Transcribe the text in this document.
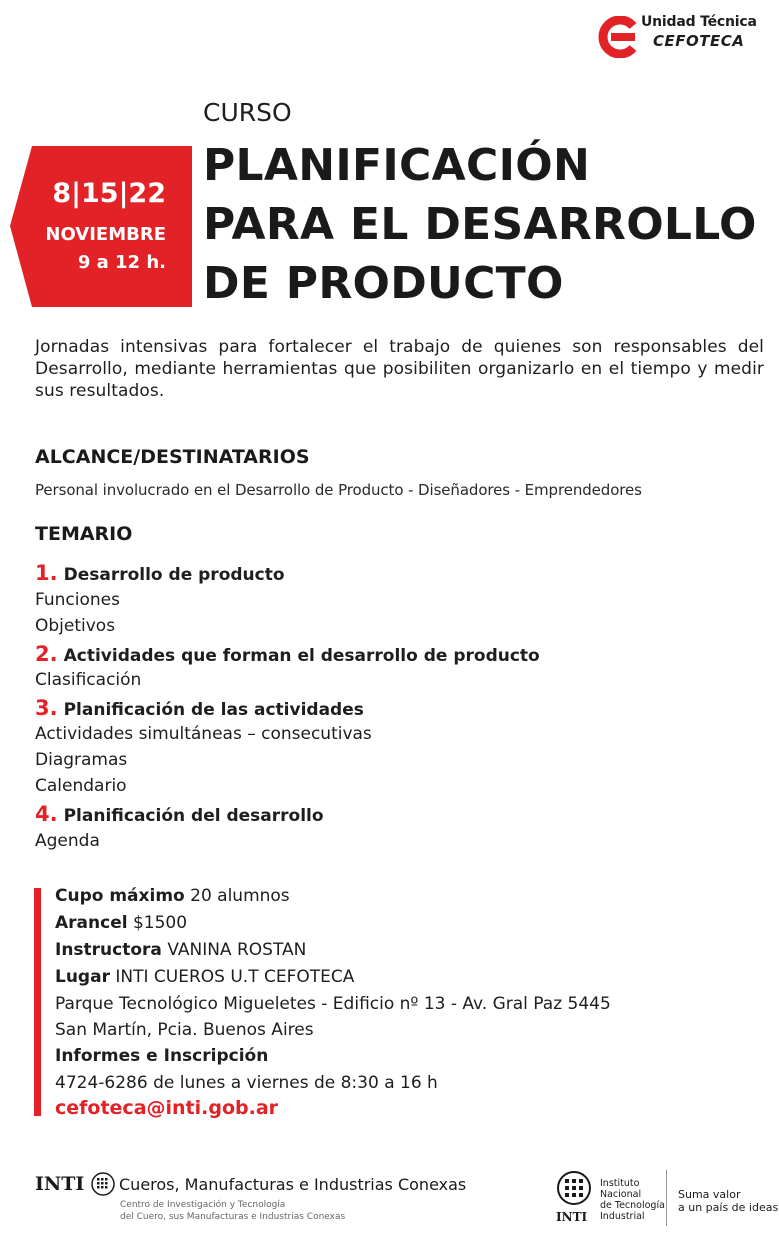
Unidad Técnica
CEFOTECA
8|15|22
NOVIEMBRE
9 a 12 h.
CURSO
PLANIFICACIÓN
PARA EL DESARROLLO
DE PRODUCTO
Jornadas intensivas para fortalecer el trabajo de quienes son responsables del Desarrollo, mediante herramientas que posibiliten organizarlo en el tiempo y medir sus resultados.
ALCANCE/DESTINATARIOS
Personal involucrado en el Desarrollo de Producto - Diseñadores - Emprendedores
TEMARIO
1. Desarrollo de producto
Funciones
Objetivos
2. Actividades que forman el desarrollo de producto
Clasificación
3. Planificación de las actividades
Actividades simultáneas – consecutivas
Diagramas
Calendario
4. Planificación del desarrollo
Agenda
Cupo máximo 20 alumnos
Arancel $1500
Instructora VANINA ROSTAN
Lugar INTI CUEROS U.T CEFOTECA
Parque Tecnológico Migueletes - Edificio nº 13 - Av. Gral Paz 5445
San Martín, Pcia. Buenos Aires
Informes e Inscripción
4724-6286 de lunes a viernes de 8:30 a 16 h
cefoteca@inti.gob.ar
INTI Cueros, Manufacturas e Industrias Conexas
Centro de Investigación y Tecnología
del Cuero, sus Manufacturas e Industrias Conexas	INTI
Instituto
Nacional
de Tecnología
Industrial
Suma valor
a un país de ideas
